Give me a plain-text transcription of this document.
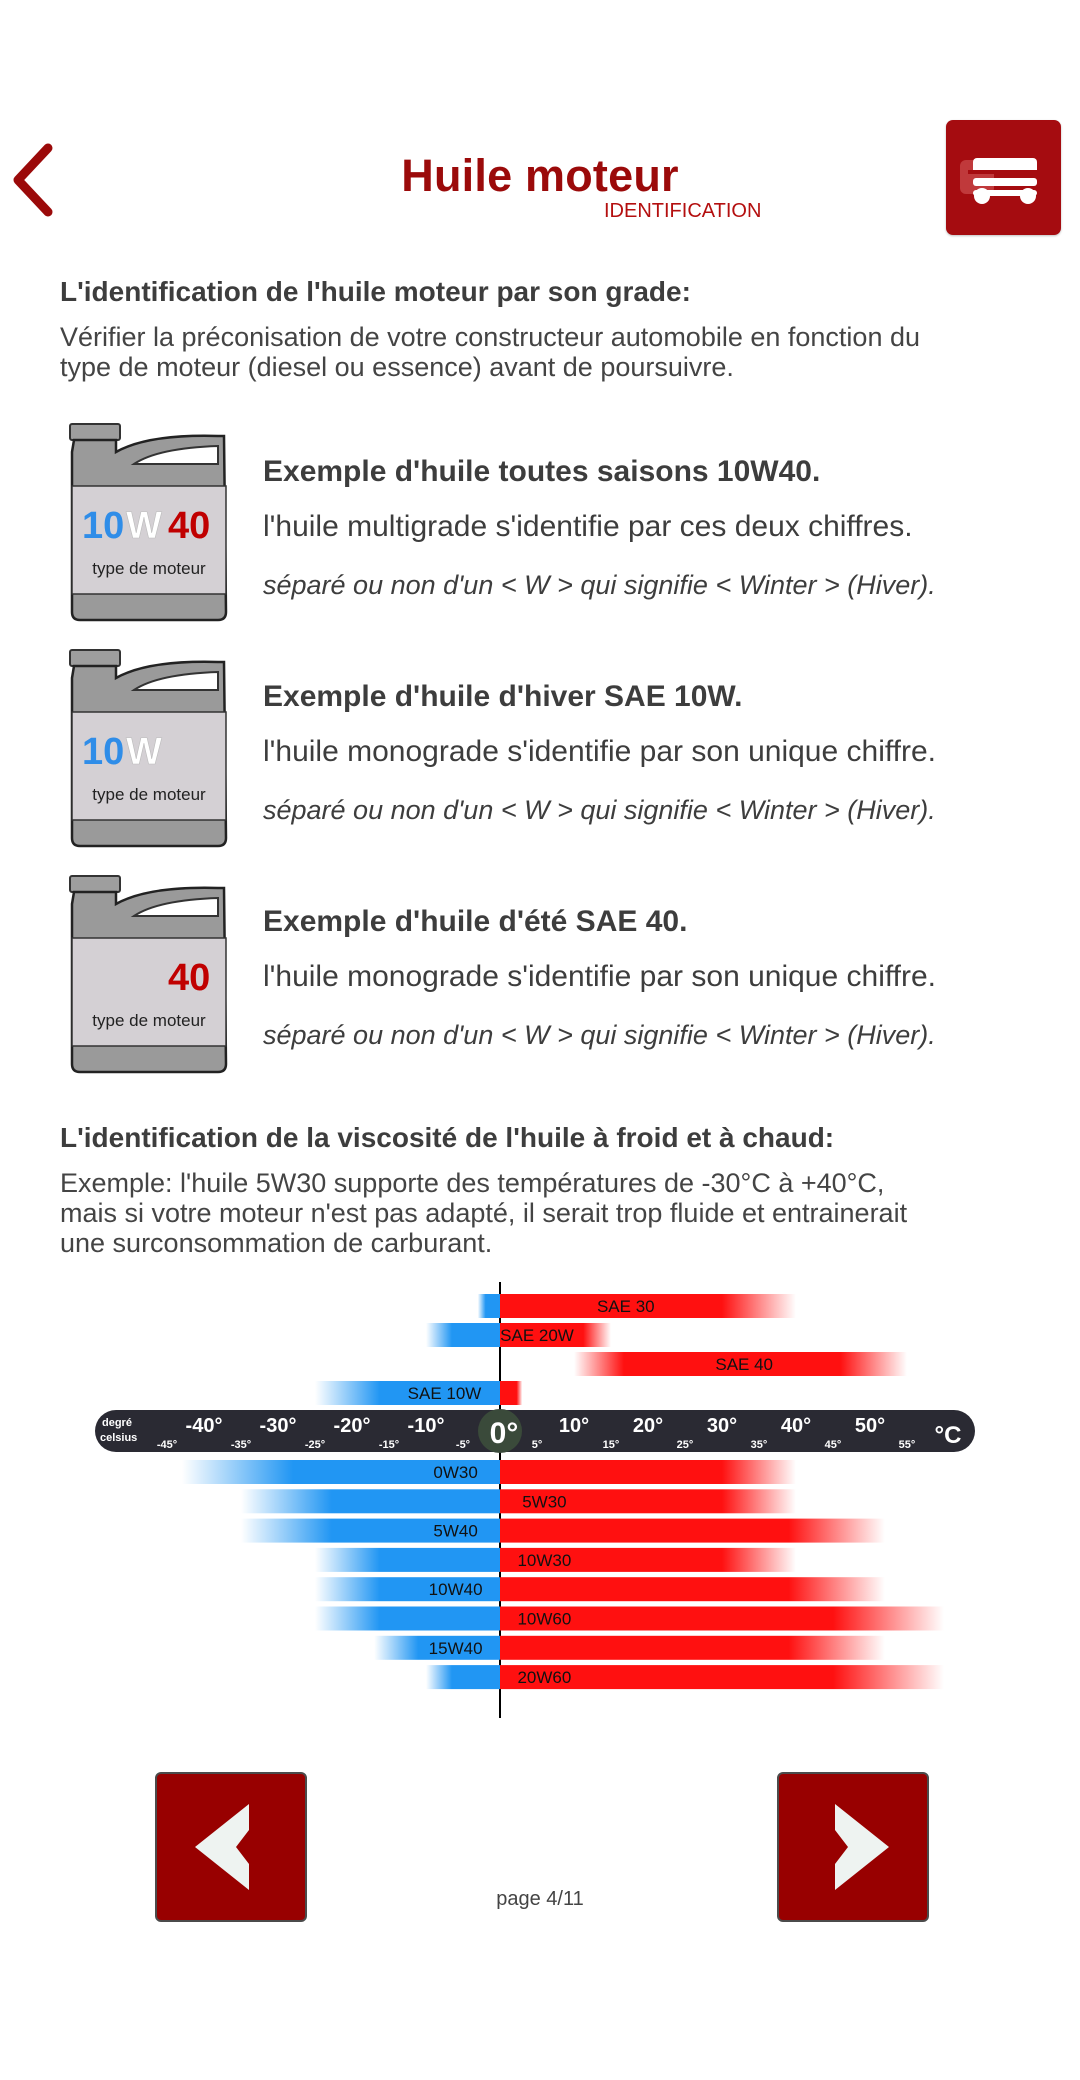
Huile moteur
IDENTIFICATION
L'identification de l'huile moteur par son grade:
Vérifier la préconisation de votre constructeur automobile en fonction du
type de moteur (diesel ou essence) avant de poursuivre.
10 W 40
type de moteur
Exemple d'huile toutes saisons 10W40.
l'huile multigrade s'identifie par ces deux chiffres.
séparé ou non d'un < W > qui signifie < Winter > (Hiver).
10 W
type de moteur
Exemple d'huile d'hiver SAE 10W.
l'huile monograde s'identifie par son unique chiffre.
séparé ou non d'un < W > qui signifie < Winter > (Hiver).
40
type de moteur
Exemple d'huile d'été SAE 40.
l'huile monograde s'identifie par son unique chiffre.
séparé ou non d'un < W > qui signifie < Winter > (Hiver).
L'identification de la viscosité de l'huile à froid et à chaud:
Exemple: l'huile 5W30 supporte des températures de -30°C à +40°C,
mais si votre moteur n'est pas adapté, il serait trop fluide et entrainerait
une surconsommation de carburant.
SAE 30
SAE 20W
SAE 40
SAE 10W
degré
celsius
-40° -30° -20° -10° 0° 10° 20° 30° 40° 50°
-45°	-35°	-25°	-15°	-5°	5°	15°	25°	35°	45°	55° °C
0W30
5W30
5W40
10W30
10W40
10W60
15W40
20W60
page 4/11
